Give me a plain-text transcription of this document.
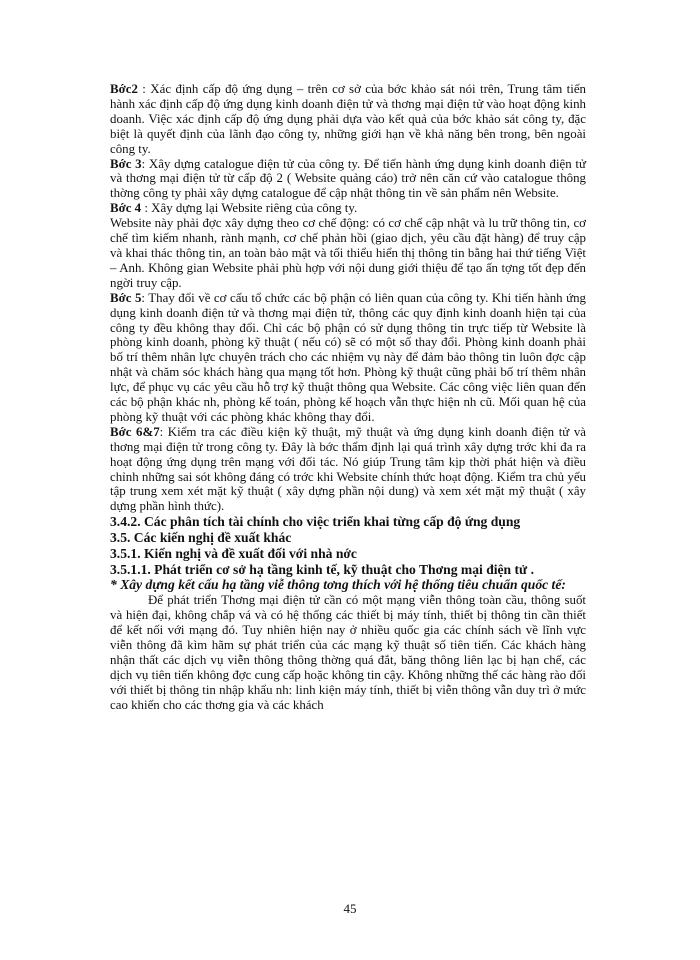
Bớc2 : Xác định cấp độ ứng dụng – trên cơ sở của bớc khảo sát nói trên, Trung tâm tiến hành xác định cấp độ ứng dụng kinh doanh điện tử và thơng mại điện tử vào hoạt động kinh doanh. Việc xác định cấp độ ứng dụng phải dựa vào kết quả của bớc khảo sát công ty, đặc biệt là quyết định của lãnh đạo công ty, những giới hạn về khả năng bên trong, bên ngoài công ty.

Bớc 3: Xây dựng catalogue điện tử của công ty. Để tiến hành ứng dụng kinh doanh điện tử và thơng mại điện tử từ cấp độ 2 ( Website quảng cáo) trở nên căn cứ vào catalogue thông thờng công ty phải xây dựng catalogue để cập nhật thông tin về sản phẩm nên Website.

Bớc 4 : Xây dựng lại Website riêng của công ty.

Website này phải đợc xây dựng theo cơ chế động: có cơ chế cập nhật và lu trữ thông tin, cơ chế tìm kiếm nhanh, rành mạnh, cơ chế phản hồi (giao dịch, yêu cầu đặt hàng) để truy cập và khai thác thông tin, an toàn bảo mật và tối thiểu hiển thị thông tin bằng hai thứ tiếng Việt – Anh. Không gian Website phải phù hợp với nội dung giới thiệu để tạo ấn tợng tốt đẹp đến ngời truy cập.

Bớc 5: Thay đổi về cơ cấu tổ chức các bộ phận có liên quan của công ty. Khi tiến hành ứng dụng kinh doanh điện tử và thơng mại điện tử, thông các quy định kinh doanh hiện tại của công ty đều không thay đổi. Chỉ các bộ phận có sử dụng thông tin trực tiếp từ Website là phòng kinh doanh, phòng kỹ thuật ( nếu có) sẽ có một số thay đổi. Phòng kinh doanh phải bố trí thêm nhân lực chuyên trách cho các nhiệm vụ này để đảm bảo thông tin luôn đợc cập nhật và chăm sóc khách hàng qua mạng tốt hơn. Phòng kỹ thuật cũng phải bố trí thêm nhân lực, để phục vụ các yêu cầu hỗ trợ kỹ thuật thông qua Website. Các công việc liên quan đến các bộ phận khác nh, phòng kế toán, phòng kế hoạch vẫn thực hiện nh cũ. Mối quan hệ của phòng kỹ thuật với các phòng khác không thay đổi.

Bớc 6&7: Kiểm tra các điều kiện kỹ thuật, mỹ thuật và ứng dụng kinh doanh điện tử và thơng mại điện tử trong công ty. Đây là bớc thẩm định lại quá trình xây dựng trớc khi đa ra hoạt động ứng dụng trên mạng với đối tác. Nó giúp Trung tâm kịp thời phát hiện và điều chỉnh những sai sót không đáng có trớc khi Website chính thức hoạt động. Kiểm tra chủ yếu tập trung xem xét mặt kỹ thuật ( xây dựng phần nội dung) và xem xét mặt mỹ thuật ( xây dựng phần hình thức).

3.4.2. Các phân tích tài chính cho việc triển khai từng cấp độ ứng dụng

3.5. Các kiến nghị đề xuất khác

3.5.1. Kiến nghị và đề xuất đối với nhà nớc

3.5.1.1. Phát triển cơ sở hạ tầng kinh tế, kỹ thuật cho Thơng mại điện tử .

* Xây dựng kết cấu hạ tầng viễ thông tơng thích với hệ thống tiêu chuẩn quốc tế:

Để phát triển Thơng mại điện tử cần có một mạng viễn thông toàn cầu, thông suốt và hiện đại, không chắp vá và có hệ thống các thiết bị máy tính, thiết bị thông tin cần thiết để kết nối với mạng đó. Tuy nhiên hiện nay ở nhiều quốc gia các chính sách về lĩnh vực viễn thông đã kìm hãm sự phát triển của các mạng kỹ thuật số tiên tiến. Các khách hàng nhận thất các dịch vụ viễn thông thông thờng quá đắt, băng thông liên lạc bị hạn chế, các dịch vụ tiên tiến không đợc cung cấp hoặc không tin cậy. Không những thế các hàng rào đối với thiết bị thông tin nhập khẩu nh: linh kiện máy tính, thiết bị viễn thông vẫn duy trì ở mức cao khiến cho các thơng gia và các khách

45
